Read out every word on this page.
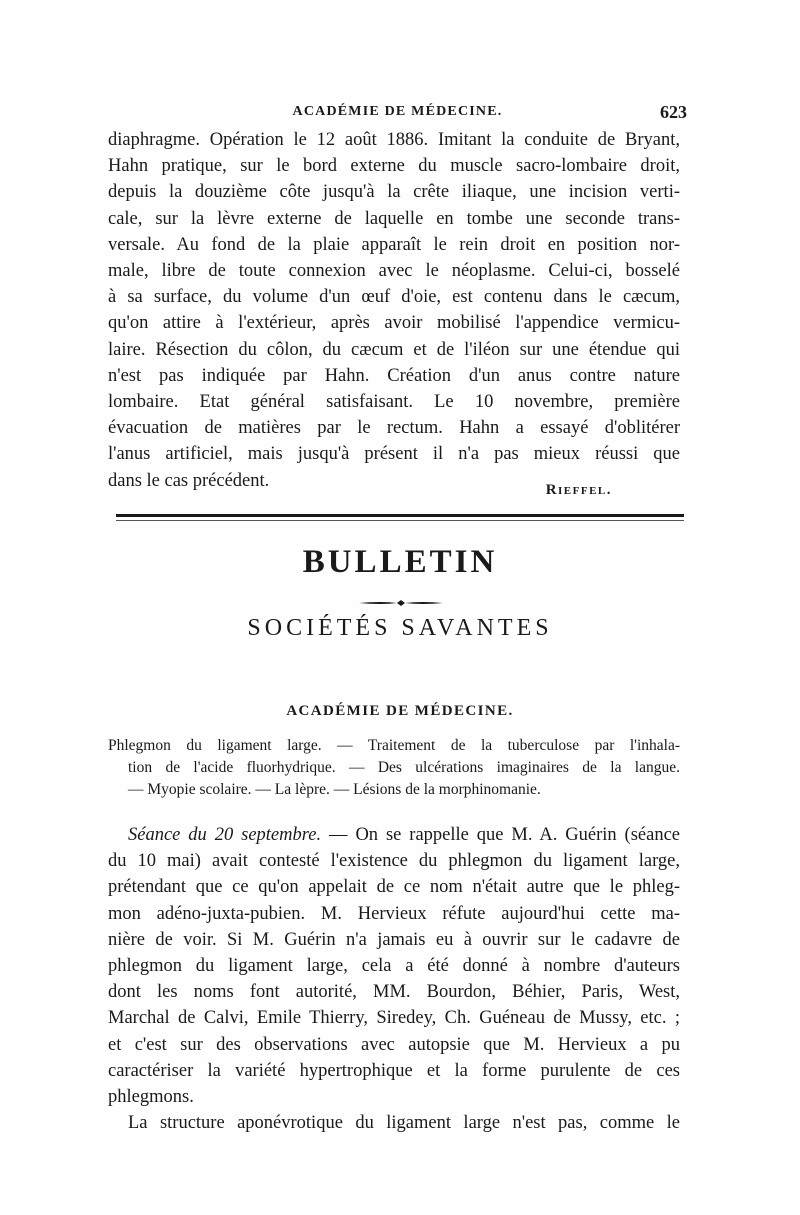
ACADÉMIE DE MÉDECINE.	623
diaphragme. Opération le 12 août 1886. Imitant la conduite de Bryant,
Hahn pratique, sur le bord externe du muscle sacro-lombaire droit,
depuis la douzième côte jusqu'à la crête iliaque, une incision verti-
cale, sur la lèvre externe de laquelle en tombe une seconde trans-
versale. Au fond de la plaie apparaît le rein droit en position nor-
male, libre de toute connexion avec le néoplasme. Celui-ci, bosselé
à sa surface, du volume d'un œuf d'oie, est contenu dans le cæcum,
qu'on attire à l'extérieur, après avoir mobilisé l'appendice vermicu-
laire. Résection du côlon, du cæcum et de l'iléon sur une étendue qui
n'est pas indiquée par Hahn. Création d'un anus contre nature
lombaire. Etat général satisfaisant. Le 10 novembre, première
évacuation de matières par le rectum. Hahn a essayé d'oblitérer
l'anus artificiel, mais jusqu'à présent il n'a pas mieux réussi que
dans le cas précédent.	Rieffel.
BULLETIN
SOCIÉTÉS SAVANTES
ACADÉMIE DE MÉDECINE.
Phlegmon du ligament large. — Traitement de la tuberculose par l'inhala-
tion de l'acide fluorhydrique. — Des ulcérations imaginaires de la langue.
— Myopie scolaire. — La lèpre. — Lésions de la morphinomanie.
Séance du 20 septembre. — On se rappelle que M. A. Guérin (séance
du 10 mai) avait contesté l'existence du phlegmon du ligament large,
prétendant que ce qu'on appelait de ce nom n'était autre que le phleg-
mon adéno-juxta-pubien. M. Hervieux réfute aujourd'hui cette ma-
nière de voir. Si M. Guérin n'a jamais eu à ouvrir sur le cadavre de
phlegmon du ligament large, cela a été donné à nombre d'auteurs
dont les noms font autorité, MM. Bourdon, Béhier, Paris, West,
Marchal de Calvi, Emile Thierry, Siredey, Ch. Guéneau de Mussy, etc. ;
et c'est sur des observations avec autopsie que M. Hervieux a pu
caractériser la variété hypertrophique et la forme purulente de ces
phlegmons.
La structure aponévrotique du ligament large n'est pas, comme le
